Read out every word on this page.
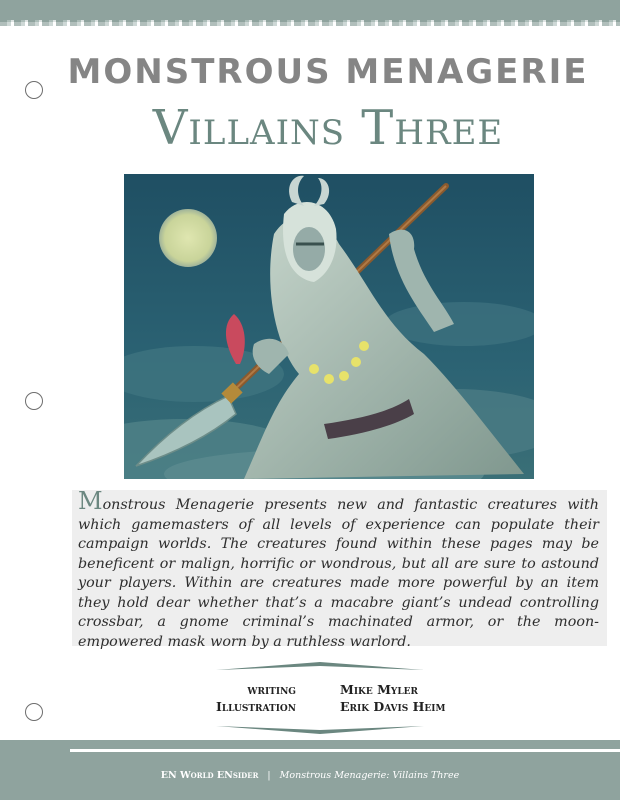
MONSTROUS MENAGERIE
Villains Three
Monstrous Menagerie presents new and fantastic creatures with which gamemasters of all levels of experience can populate their campaign worlds. The creatures found within these pages may be beneficent or malign, horrific or wondrous, but all are sure to astound your players. Within are creatures made more powerful by an item they hold dear whether that’s a macabre giant’s undead controlling crossbar, a gnome criminal’s machinated armor, or the moon-empowered mask worn by a ruthless warlord.
writing	Mike Myler
Illustration	Erik Davis Heim
EN World ENsider | Monstrous Menagerie: Villains Three
